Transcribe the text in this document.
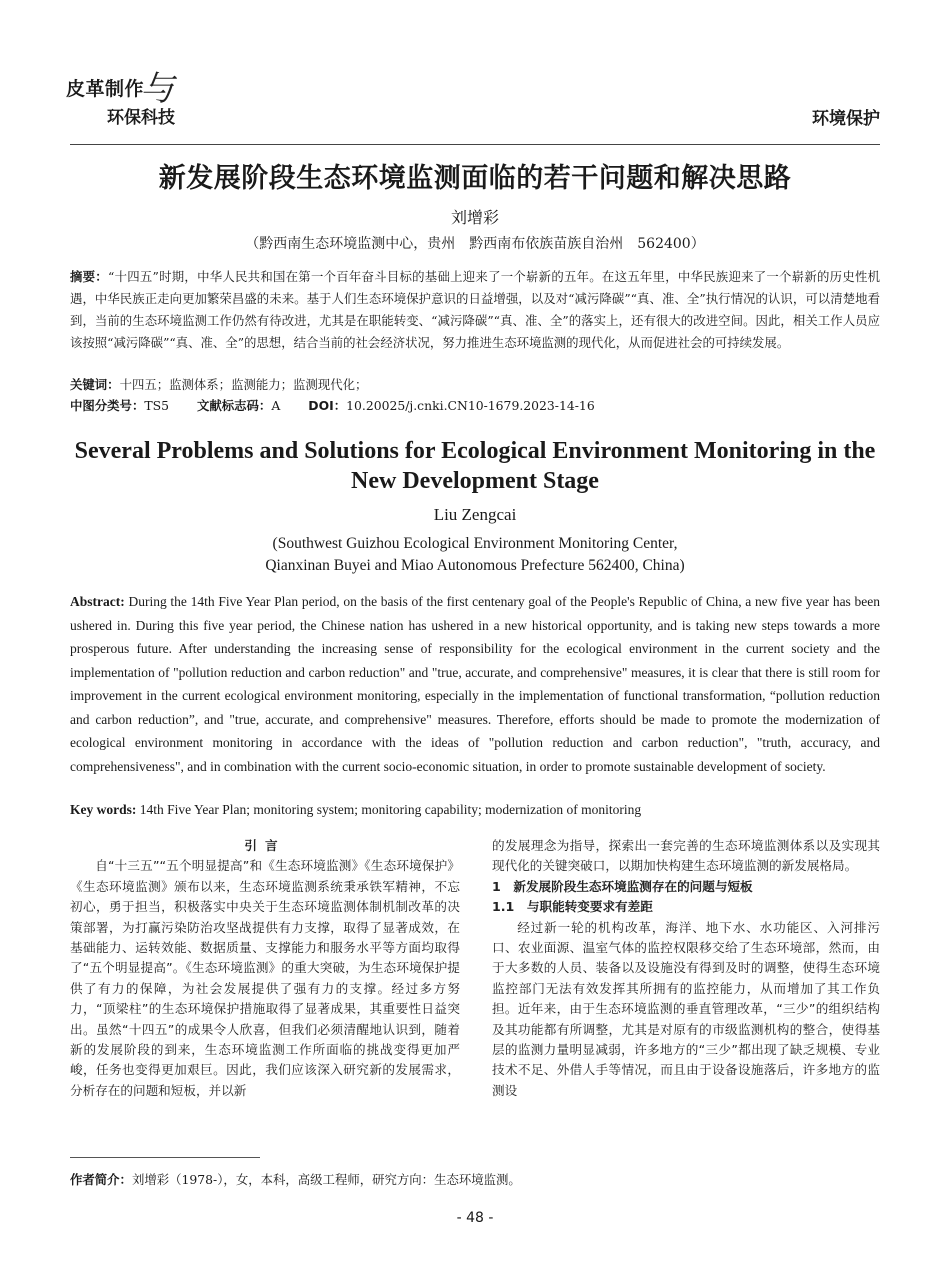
皮革制作
环保科技
与
环境保护
新发展阶段生态环境监测面临的若干问题和解决思路
刘增彩
（黔西南生态环境监测中心，贵州　黔西南布依族苗族自治州　562400）
摘要：“十四五”时期，中华人民共和国在第一个百年奋斗目标的基础上迎来了一个崭新的五年。在这五年里，中华民族迎来了一个崭新的历史性机遇，中华民族正走向更加繁荣昌盛的未来。基于人们生态环境保护意识的日益增强，以及对“减污降碳”“真、准、全”执行情况的认识，可以清楚地看到，当前的生态环境监测工作仍然有待改进，尤其是在职能转变、“减污降碳”“真、准、全”的落实上，还有很大的改进空间。因此，相关工作人员应该按照“减污降碳”“真、准、全”的思想，结合当前的社会经济状况，努力推进生态环境监测的现代化，从而促进社会的可持续发展。
关键词：十四五；监测体系；监测能力；监测现代化；
中图分类号：TS5 文献标志码：A DOI：10.20025/j.cnki.CN10-1679.2023-14-16
Several Problems and Solutions for Ecological Environment Monitoring in the New Development Stage
Liu Zengcai
(Southwest Guizhou Ecological Environment Monitoring Center,
Qianxinan Buyei and Miao Autonomous Prefecture 562400, China)
Abstract: During the 14th Five Year Plan period, on the basis of the first centenary goal of the People's Republic of China, a new five year has been ushered in. During this five year period, the Chinese nation has ushered in a new historical opportunity, and is taking new steps towards a more prosperous future. After understanding the increasing sense of responsibility for the ecological environment in the current society and the implementation of "pollution reduction and carbon reduction" and "true, accurate, and comprehensive" measures, it is clear that there is still room for improvement in the current ecological environment monitoring, especially in the implementation of functional transformation, “pollution reduction and carbon reduction”, and "true, accurate, and comprehensive" measures. Therefore, efforts should be made to promote the modernization of ecological environment monitoring in accordance with the ideas of "pollution reduction and carbon reduction", "truth, accuracy, and comprehensiveness", and in combination with the current socio-economic situation, in order to promote sustainable development of society.
Key words: 14th Five Year Plan; monitoring system; monitoring capability; modernization of monitoring
引言

自“十三五”“五个明显提高”和《生态环境监测》《生态环境保护》《生态环境监测》颁布以来，生态环境监测系统秉承铁军精神，不忘初心，勇于担当，积极落实中央关于生态环境监测体制机制改革的决策部署，为打赢污染防治攻坚战提供有力支撑，取得了显著成效，在基础能力、运转效能、数据质量、支撑能力和服务水平等方面均取得了“五个明显提高”。《生态环境监测》的重大突破，为生态环境保护提供了有力的保障，为社会发展提供了强有力的支撑。经过多方努力，“顶梁柱”的生态环境保护措施取得了显著成果，其重要性日益突出。虽然“十四五”的成果令人欣喜，但我们必须清醒地认识到，随着新的发展阶段的到来，生态环境监测工作所面临的挑战变得更加严峻，任务也变得更加艰巨。因此，我们应该深入研究新的发展需求，分析存在的问题和短板，并以新

的发展理念为指导，探索出一套完善的生态环境监测体系以及实现其现代化的关键突破口，以期加快构建生态环境监测的新发展格局。

1　新发展阶段生态环境监测存在的问题与短板

1.1　与职能转变要求有差距

经过新一轮的机构改革，海洋、地下水、水功能区、入河排污口、农业面源、温室气体的监控权限移交给了生态环境部，然而，由于大多数的人员、装备以及设施没有得到及时的调整，使得生态环境监控部门无法有效发挥其所拥有的监控能力，从而增加了其工作负担。近年来，由于生态环境监测的垂直管理改革，“三少”的组织结构及其功能都有所调整，尤其是对原有的市级监测机构的整合，使得基层的监测力量明显减弱，许多地方的“三少”都出现了缺乏规模、专业技术不足、外借人手等情况，而且由于设备设施落后，许多地方的监测设

作者简介：刘增彩（1978-），女，本科，高级工程师，研究方向：生态环境监测。
- 48 -
